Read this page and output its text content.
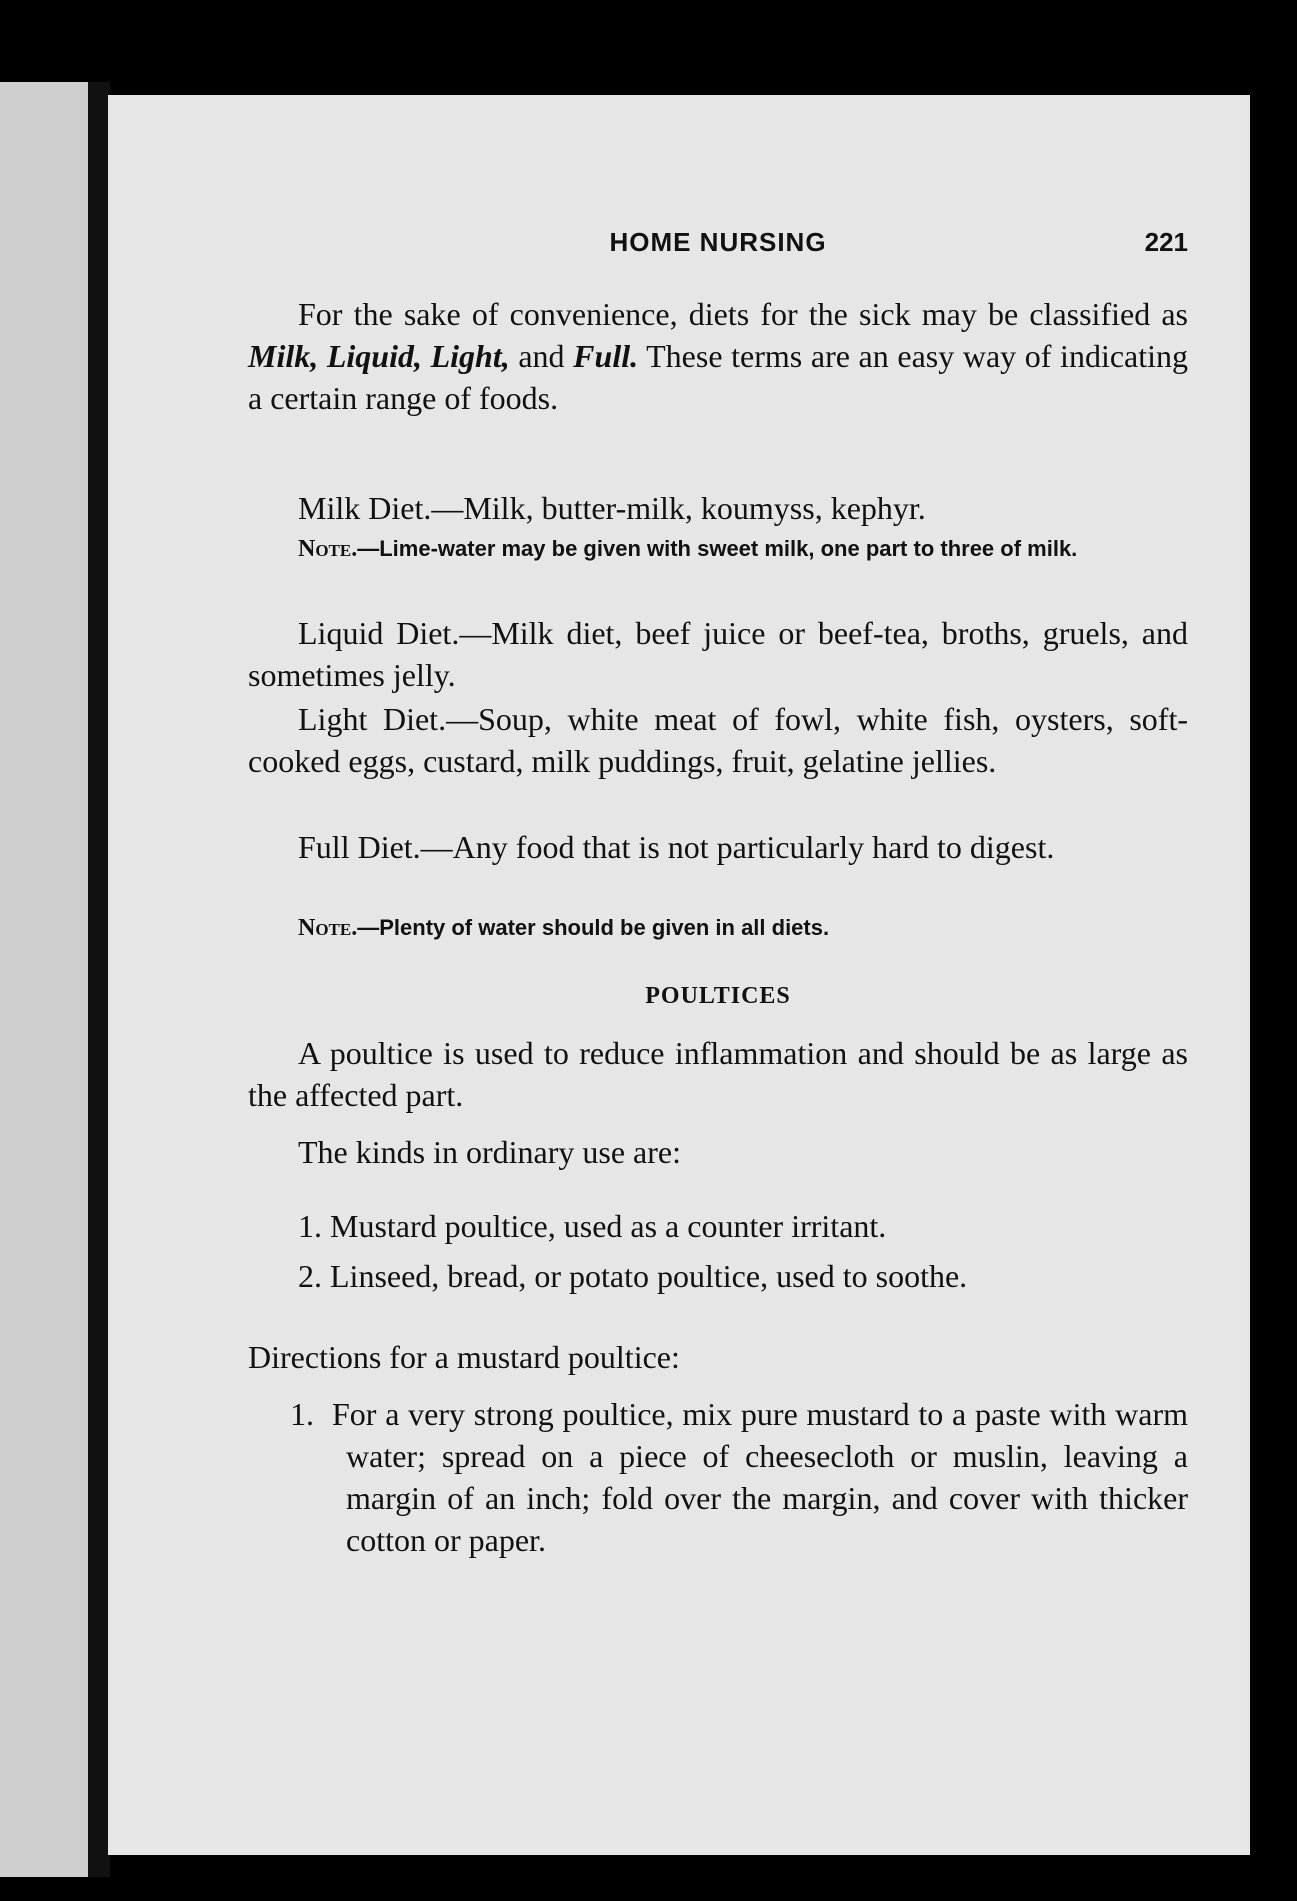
HOME NURSING	221

For the sake of convenience, diets for the sick may be classified as Milk, Liquid, Light, and Full. These terms are an easy way of indicating a certain range of foods.

Milk Diet.—Milk, butter-milk, koumyss, kephyr.

Note.—Lime-water may be given with sweet milk, one part to three of milk.

Liquid Diet.—Milk diet, beef juice or beef-tea, broths, gruels, and sometimes jelly.

Light Diet.—Soup, white meat of fowl, white fish, oysters, soft-cooked eggs, custard, milk puddings, fruit, gelatine jellies.

Full Diet.—Any food that is not particularly hard to digest.

Note.—Plenty of water should be given in all diets.

POULTICES

A poultice is used to reduce inflammation and should be as large as the affected part.

The kinds in ordinary use are:

1. Mustard poultice, used as a counter irritant.
2. Linseed, bread, or potato poultice, used to soothe.

Directions for a mustard poultice:

1. For a very strong poultice, mix pure mustard to a paste with warm water; spread on a piece of cheesecloth or muslin, leaving a margin of an inch; fold over the margin, and cover with thicker cotton or paper.
